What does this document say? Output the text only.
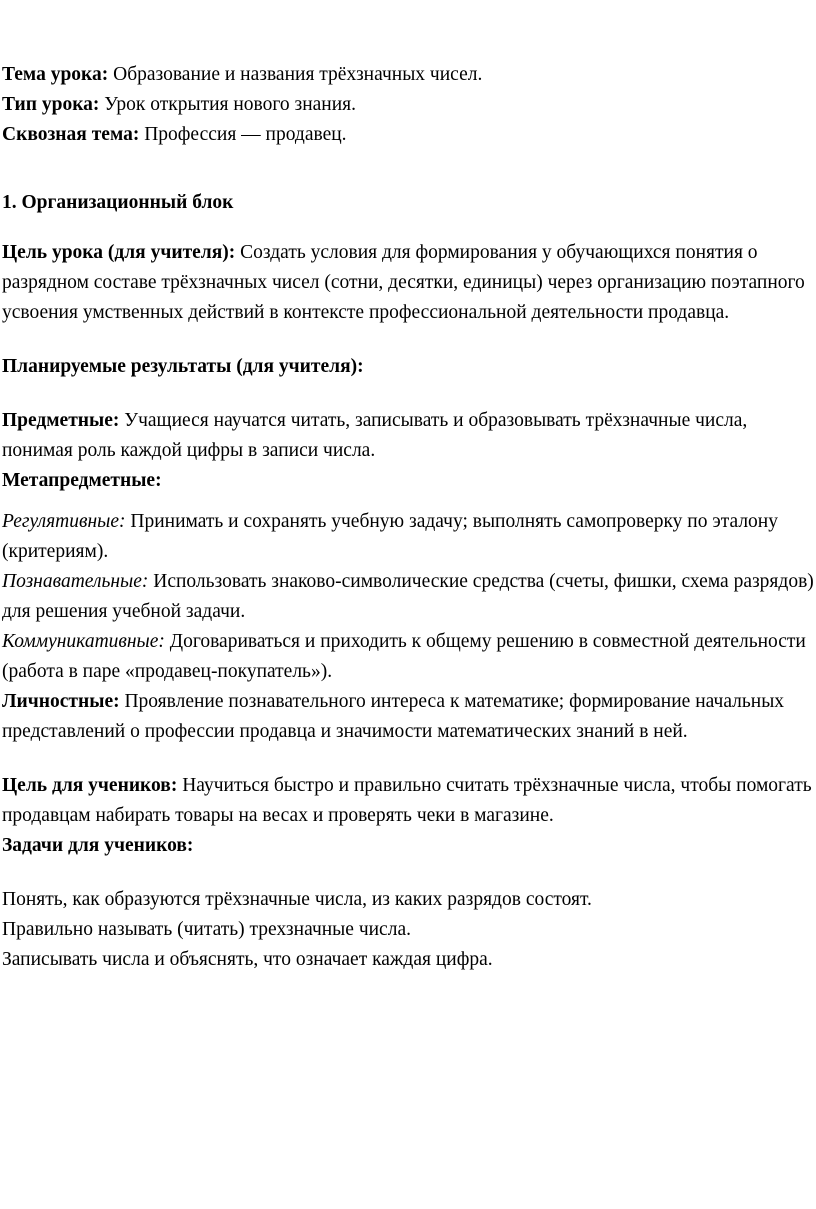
Тема урока: Образование и названия трёхзначных чисел.

Тип урока: Урок открытия нового знания.

Сквозная тема: Профессия — продавец.

1. Организационный блок

Цель урока (для учителя): Создать условия для формирования у обучающихся понятия о разрядном составе трёхзначных чисел (сотни, десятки, единицы) через организацию поэтапного усвоения умственных действий в контексте профессиональной деятельности продавца.

Планируемые результаты (для учителя):

Предметные: Учащиеся научатся читать, записывать и образовывать трёхзначные числа, понимая роль каждой цифры в записи числа.

Метапредметные:

Регулятивные: Принимать и сохранять учебную задачу; выполнять самопроверку по эталону (критериям).

Познавательные: Использовать знаково-символические средства (счеты, фишки, схема разрядов) для решения учебной задачи.

Коммуникативные: Договариваться и приходить к общему решению в совместной деятельности (работа в паре «продавец-покупатель»).

Личностные: Проявление познавательного интереса к математике; формирование начальных представлений о профессии продавца и значимости математических знаний в ней.

Цель для учеников: Научиться быстро и правильно считать трёхзначные числа, чтобы помогать продавцам набирать товары на весах и проверять чеки в магазине.

Задачи для учеников:

Понять, как образуются трёхзначные числа, из каких разрядов состоят.

Правильно называть (читать) трехзначные числа.

Записывать числа и объяснять, что означает каждая цифра.
